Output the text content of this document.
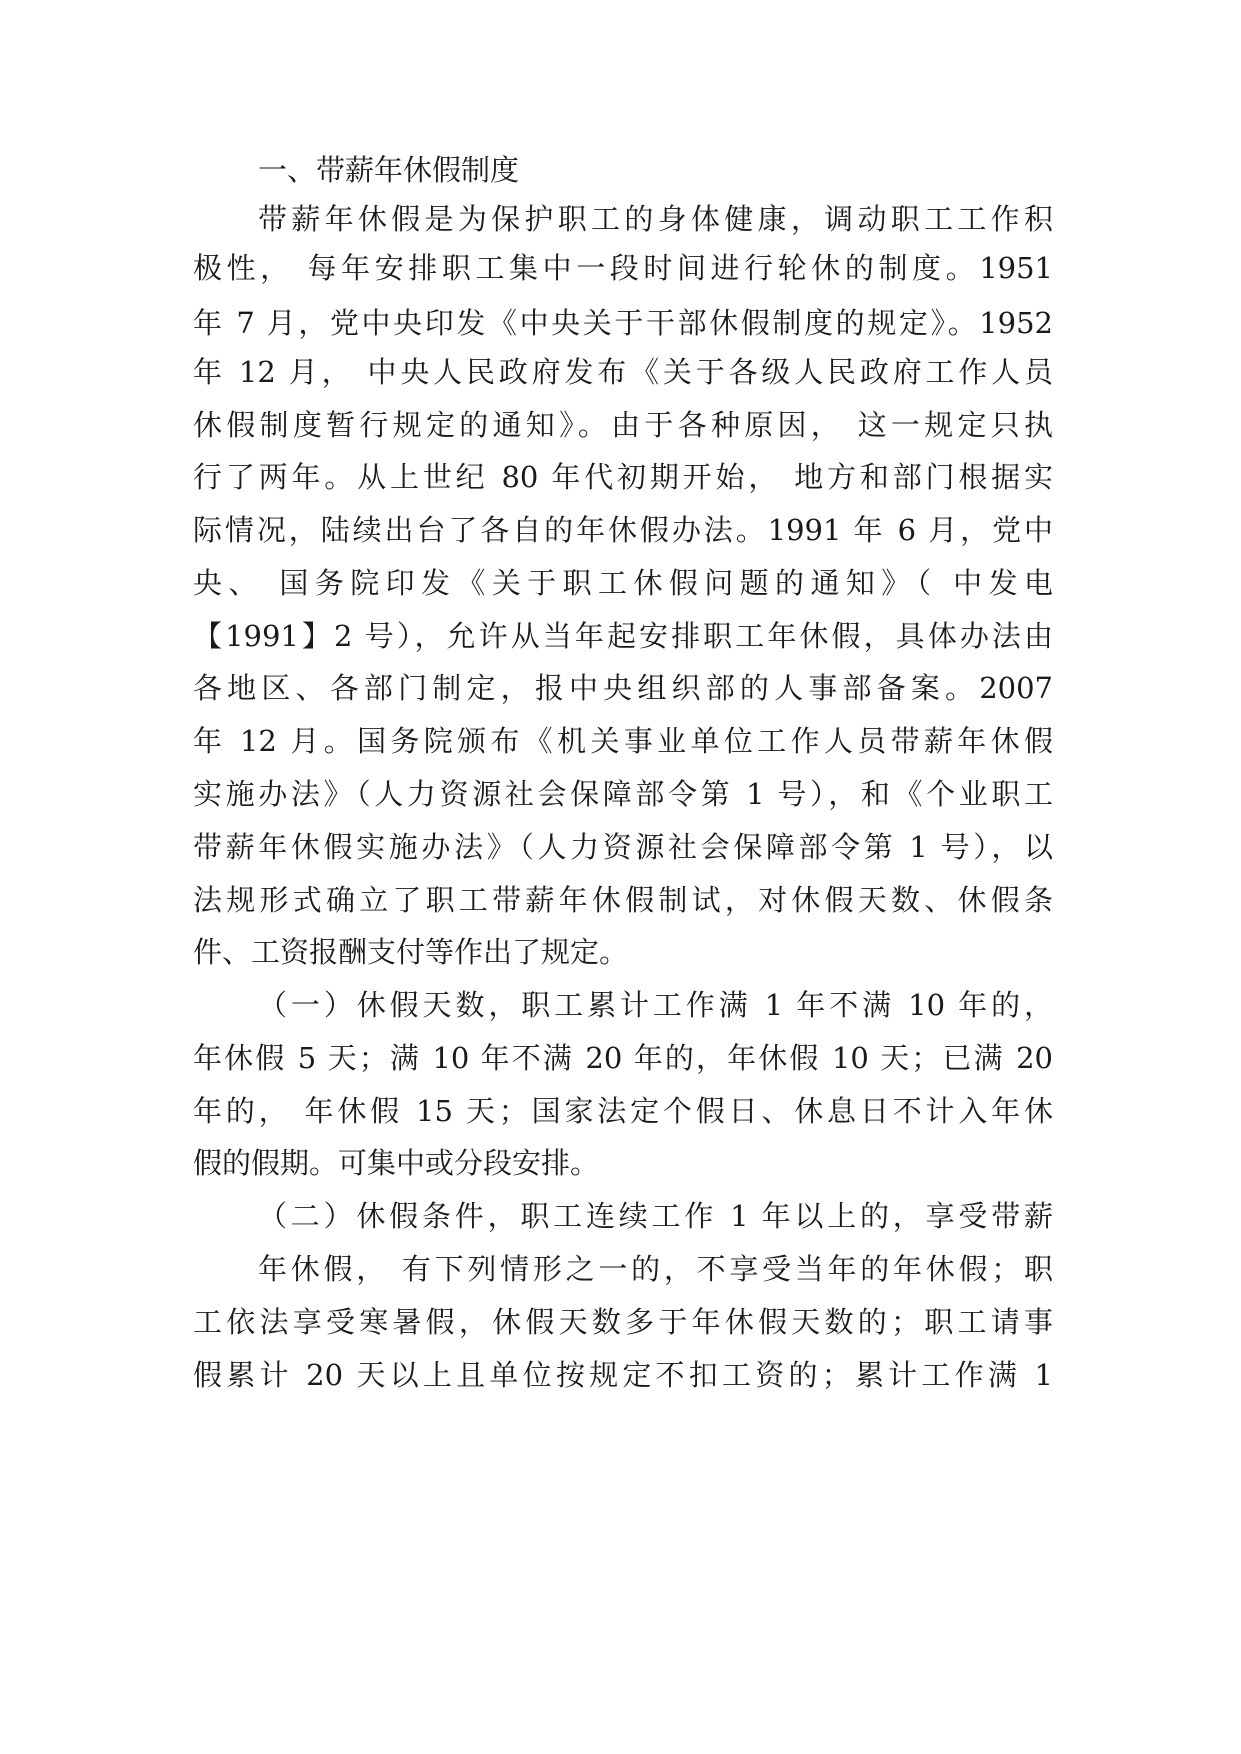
一、带薪年休假制度
带薪年休假是为保护职工的身体健康，调动职工工作积
极性， 每年安排职工集中一段时间进行轮休的制度。1951
年 7 月，党中央印发《中央关于干部休假制度的规定》。1952
年 12 月， 中央人民政府发布《关于各级人民政府工作人员
休假制度暂行规定的通知》。由于各种原因， 这一规定只执
行了两年。从上世纪 80 年代初期开始， 地方和部门根据实
际情况，陆续出台了各自的年休假办法。1991 年 6 月，党中
央、 国务院印发《关于职工休假问题的通知》（ 中发电
【1991】2 号），允许从当年起安排职工年休假，具体办法由
各地区、各部门制定，报中央组织部的人事部备案。2007
年 12 月。国务院颁布《机关事业单位工作人员带薪年休假
实施办法》（人力资源社会保障部令第 1 号），和《个业职工
带薪年休假实施办法》（人力资源社会保障部令第 1 号），以
法规形式确立了职工带薪年休假制试，对休假天数、休假条
件、工资报酬支付等作出了规定。
（一）休假天数，职工累计工作满 1 年不满 10 年的，
年休假 5 天；满 10 年不满 20 年的，年休假 10 天；已满 20
年的， 年休假 15 天；国家法定个假日、休息日不计入年休
假的假期。可集中或分段安排。
（二）休假条件，职工连续工作 1 年以上的，享受带薪
年休假， 有下列情形之一的，不享受当年的年休假；职
工依法享受寒暑假，休假天数多于年休假天数的；职工请事
假累计 20 天以上且单位按规定不扣工资的；累计工作满 1
